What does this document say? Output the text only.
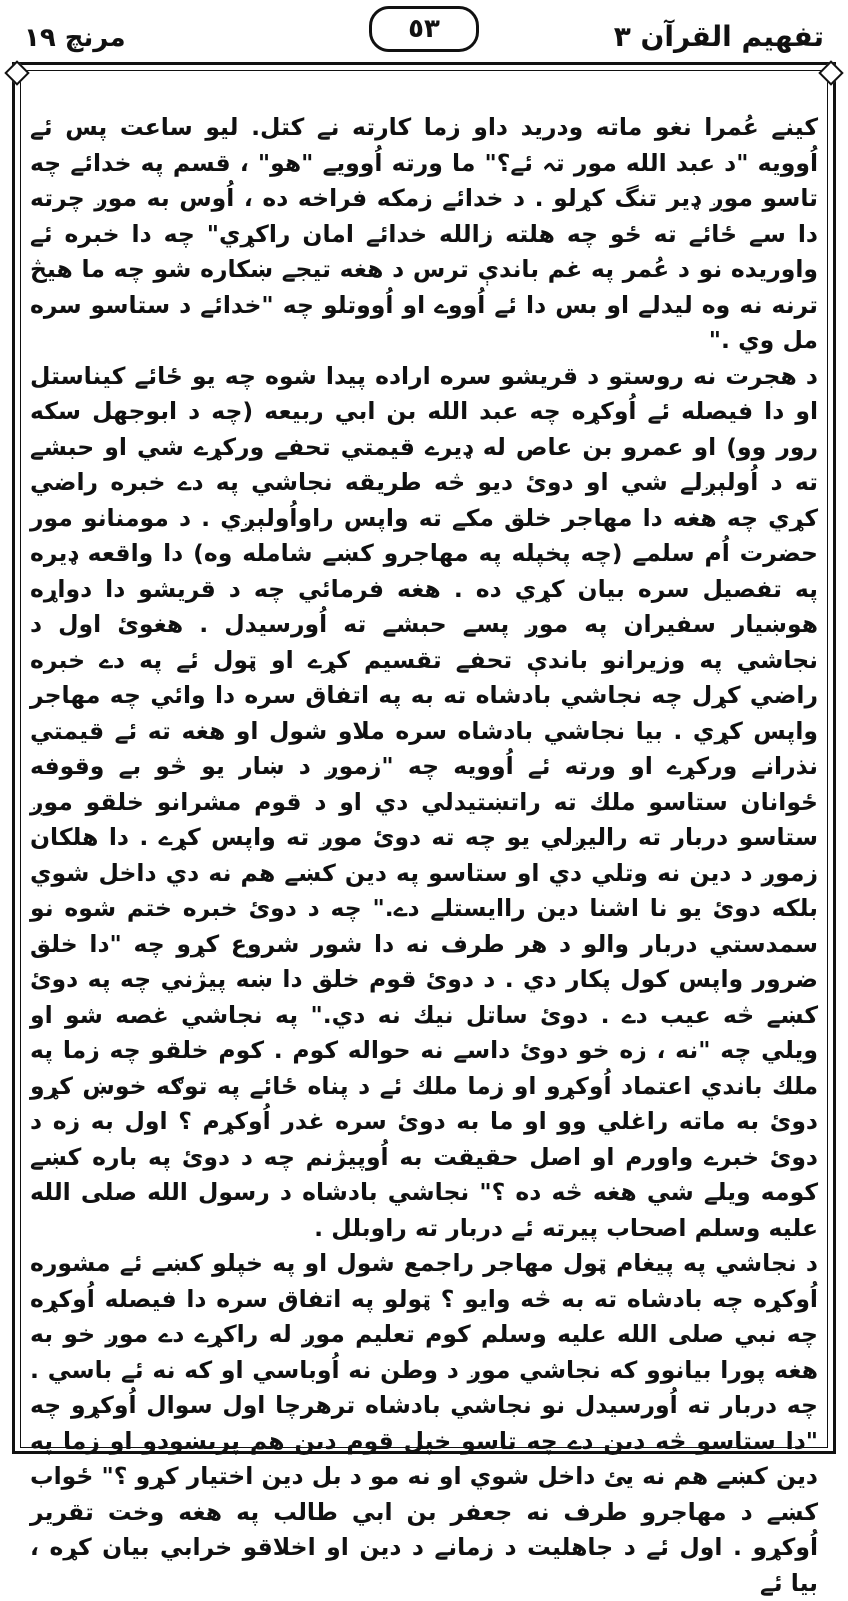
تفهيم القرآن ٣
٥٣
مرنچ ١٩

كينے عُمرا نغو ماته ودرید داو زما كارته نے كتل. ليو ساعت پس ئے اُوويه "د عبد الله مور تہ ئے؟" ما ورته اُوويے "هو" ، قسم په خدائے چه تاسو موږ ډیر تنگ كړلو . د خدائے زمكه فراخه ده ، اُوس به موږ چرته دا سے ځائے ته ځو چه هلته زالله خدائے امان راكړي" چه دا خبره ئے واوريده نو د عُمر په غم باندې ترس د هغه تيجے ښكاره شو چه ما هيڅ ترنه نه وه ليدلے او بس دا ئے اُووے او اُووتلو چه "خدائے د ستاسو سره مل وي ."

د هجرت نه روستو د قريشو سره اراده پيدا شوه چه يو ځائے كيناستل او دا فيصله ئے اُوكړه چه عبد الله بن ابي ربيعه (چه د ابوجهل سكه رور وو) او عمرو بن عاص له ډيرے قيمتي تحفے وركړے شي او حبشے ته د اُولېږلے شي او دوئ ديو څه طريقه نجاشي په دے خبره راضي كړي چه هغه دا مهاجر خلق مكے ته واپس راواُولېږي . د مومنانو مور حضرت اُم سلمے (چه پخپله په مهاجرو كښے شامله وه) دا واقعه ډيره په تفصيل سره بيان كړي ده . هغه فرمائي چه د قريشو دا دواړه هوښيار سفيران په موږ پسے حبشے ته اُورسيدل . هغوئ اول د نجاشي په وزيرانو باندې تحفے تقسيم كړے او ټول ئے په دے خبره راضي كړل چه نجاشي بادشاه ته به په اتفاق سره دا وائي چه مهاجر واپس كړي . بيا نجاشي بادشاه سره ملاو شول او هغه ته ئے قيمتي نذرانے وركړے او ورته ئے اُوويه چه "زموږ د ښار يو څو بے وقوفه ځوانان ستاسو ملك ته راتښتيدلي دي او د قوم مشرانو خلقو موږ ستاسو دربار ته راليږلي يو چه ته دوئ موږ ته واپس كړے . دا هلكان زموږ د دين نه وتلي دي او ستاسو په دين كښے هم نه دي داخل شوي بلكه دوئ يو نا اشنا دين راايستلے دے." چه د دوئ خبره ختم شوه نو سمدستي دربار والو د هر طرف نه دا شور شروع كړو چه "دا خلق ضرور واپس كول پكار دي . د دوئ قوم خلق دا ښه پيژني چه په دوئ كښے څه عيب دے . دوئ ساتل نيك نه دي." په نجاشي غصه شو او ويلي چه "نه ، زه خو دوئ داسے نه حواله كوم . كوم خلقو چه زما په ملك باندي اعتماد اُوكړو او زما ملك ئے د پناه ځائے په توګه خوښ كړو دوئ به ماته راغلي وو او ما به دوئ سره غدر اُوكړم ؟ اول به زه د دوئ خبرے واورم او اصل حقيقت به اُوپيژنم چه د دوئ په باره كښے كومه ويلے شي هغه څه ده ؟" نجاشي بادشاه د رسول الله صلى الله عليه وسلم اصحاب پيرته ئے دربار ته راوبلل .

د نجاشي په پيغام ټول مهاجر راجمع شول او په خپلو كښے ئے مشوره اُوكړه چه بادشاه ته به څه وايو ؟ ټولو په اتفاق سره دا فيصله اُوكړه چه نبي صلى الله عليه وسلم كوم تعليم موږ له راكړے دے موږ خو به هغه پورا بيانوو كه نجاشي موږ د وطن نه اُوباسي او كه نه ئے باسي . چه دربار ته اُورسيدل نو نجاشي بادشاه ترهرچا اول سوال اُوكړو چه "دا ستاسو څه دين دے چه تاسو خپل قوم دين هم پريښودو او زما په دين كښے هم نه يئ داخل شوي او نه مو د بل دين اختيار كړو ؟" ځواب كښے د مهاجرو طرف نه جعفر بن ابي طالب په هغه وخت تقرير اُوكړو . اول ئے د جاهليت د زمانے د دين او اخلاقو خرابي بيان كړه ، بيا ئے
